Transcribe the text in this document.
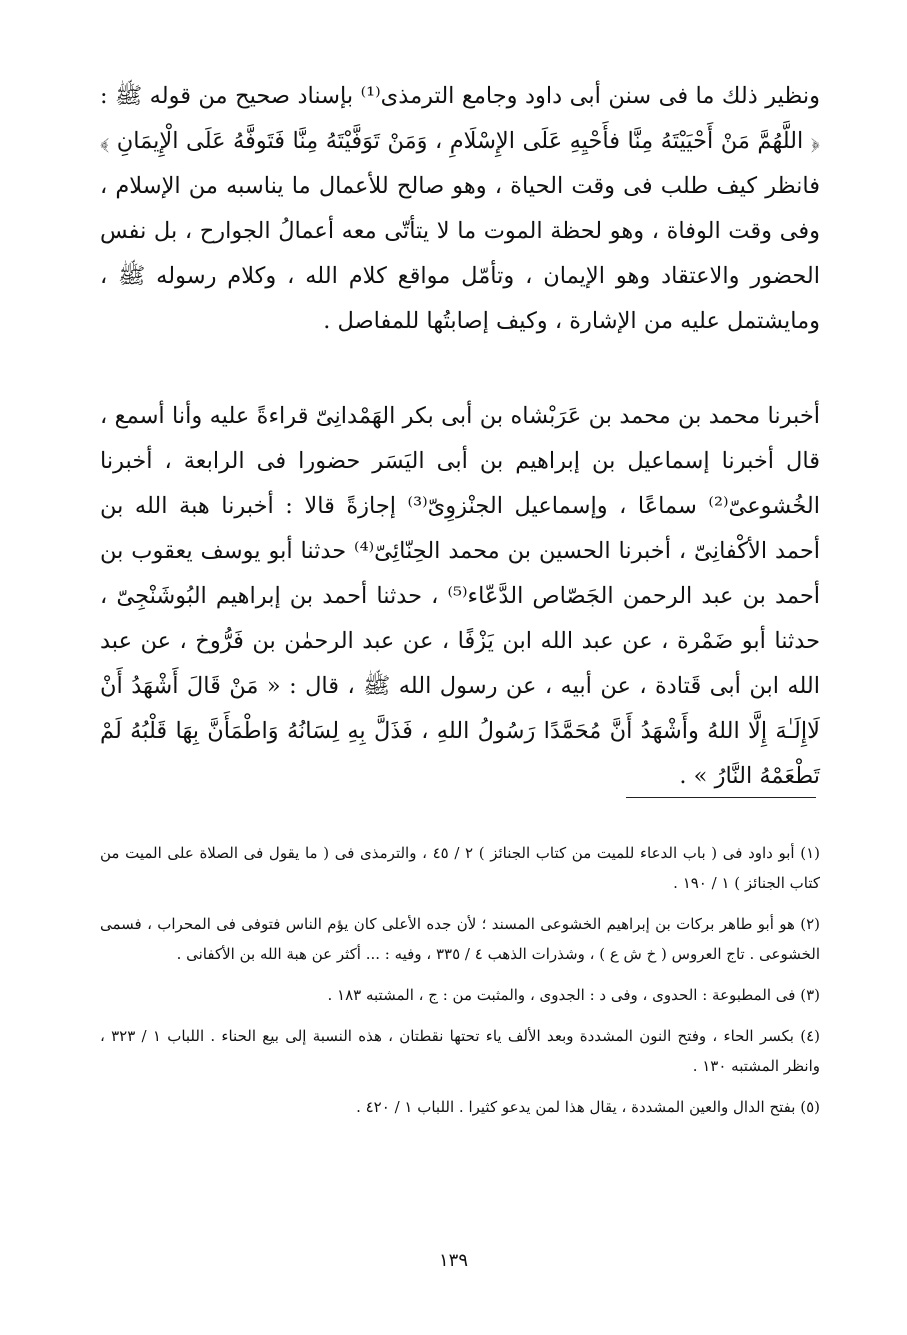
ونظير ذلك ما فى سنن أبى داود وجامع الترمذى⁽¹⁾ بإسناد صحيح من قوله ﷺ : ﴿ اللَّهُمَّ مَنْ أَحْيَيْتَهُ مِنَّا فأَحْيِهِ عَلَى الإِسْلَامِ ، وَمَنْ تَوَفَّيْتَهُ مِنَّا فَتَوفَّهُ عَلَى الْإِيمَانِ ﴾ فانظر كيف طلب فى وقت الحياة ، وهو صالح للأعمال ما يناسبه من الإسلام ، وفى وقت الوفاة ، وهو لحظة الموت ما لا يتأتّى معه أعمالُ الجوارح ، بل نفس الحضور والاعتقاد وهو الإيمان ، وتأمّل مواقع كلام الله ، وكلام رسوله ﷺ ، ومايشتمل عليه من الإشارة ، وكيف إصابتُها للمفاصل .

أخبرنا محمد بن محمد بن عَرَبْشاه بن أبى بكر الهَمْدانِىّ قراءةً عليه وأنا أسمع ، قال أخبرنا إسماعيل بن إبراهيم بن أبى اليَسَر حضورا فى الرابعة ، أخبرنا الخُشوعىّ⁽²⁾ سماعًا ، وإسماعيل الجنْزوِىّ⁽³⁾ إجازةً قالا : أخبرنا هبة الله بن أحمد الأكْفانِىّ ، أخبرنا الحسين بن محمد الحِنّائِىّ⁽⁴⁾ حدثنا أبو يوسف يعقوب بن أحمد بن عبد الرحمن الجَصّاص الدَّعّاء⁽⁵⁾ ، حدثنا أحمد بن إبراهيم البُوشَنْجِىّ ، حدثنا أبو ضَمْرة ، عن عبد الله ابن يَزْفًا ، عن عبد الرحمٰن بن فَرُّوخ ، عن عبد الله ابن أبى قَتادة ، عن أبيه ، عن رسول الله ﷺ ، قال : « مَنْ قَالَ أَشْهَدُ أَنْ لَاإِلَـٰهَ إِلَّا اللهُ وأَشْهَدُ أَنَّ مُحَمَّدًا رَسُولُ اللهِ ، فَذَلَّ بِهِ لِسَانُهُ وَاطْمَأَنَّ بِهَا قَلْبُهُ لَمْ تَطْعَمْهُ النَّارُ » .

(١) أبو داود فى ( باب الدعاء للميت من كتاب الجنائز ) ٢ / ٤٥ ، والترمذى فى ( ما يقول فى الصلاة على الميت من كتاب الجنائز ) ١ / ١٩٠ .

(٢) هو أبو طاهر بركات بن إبراهيم الخشوعى المسند ؛ لأن جده الأعلى كان يؤم الناس فتوفى فى المحراب ، فسمى الخشوعى . تاج العروس ( خ ش ع ) ، وشذرات الذهب ٤ / ٣٣٥ ، وفيه : ... أكثر عن هبة الله بن الأكفانى .

(٣) فى المطبوعة : الحدوى ، وفى د : الجدوى ، والمثبت من : ج ، المشتبه ١٨٣ .

(٤) بكسر الحاء ، وفتح النون المشددة وبعد الألف ياء تحتها نقطتان ، هذه النسبة إلى بيع الحناء . اللباب ١ / ٣٢٣ ، وانظر المشتبه ١٣٠ .

(٥) بفتح الدال والعين المشددة ، يقال هذا لمن يدعو كثيرا . اللباب ١ / ٤٢٠ .

١٣٩
